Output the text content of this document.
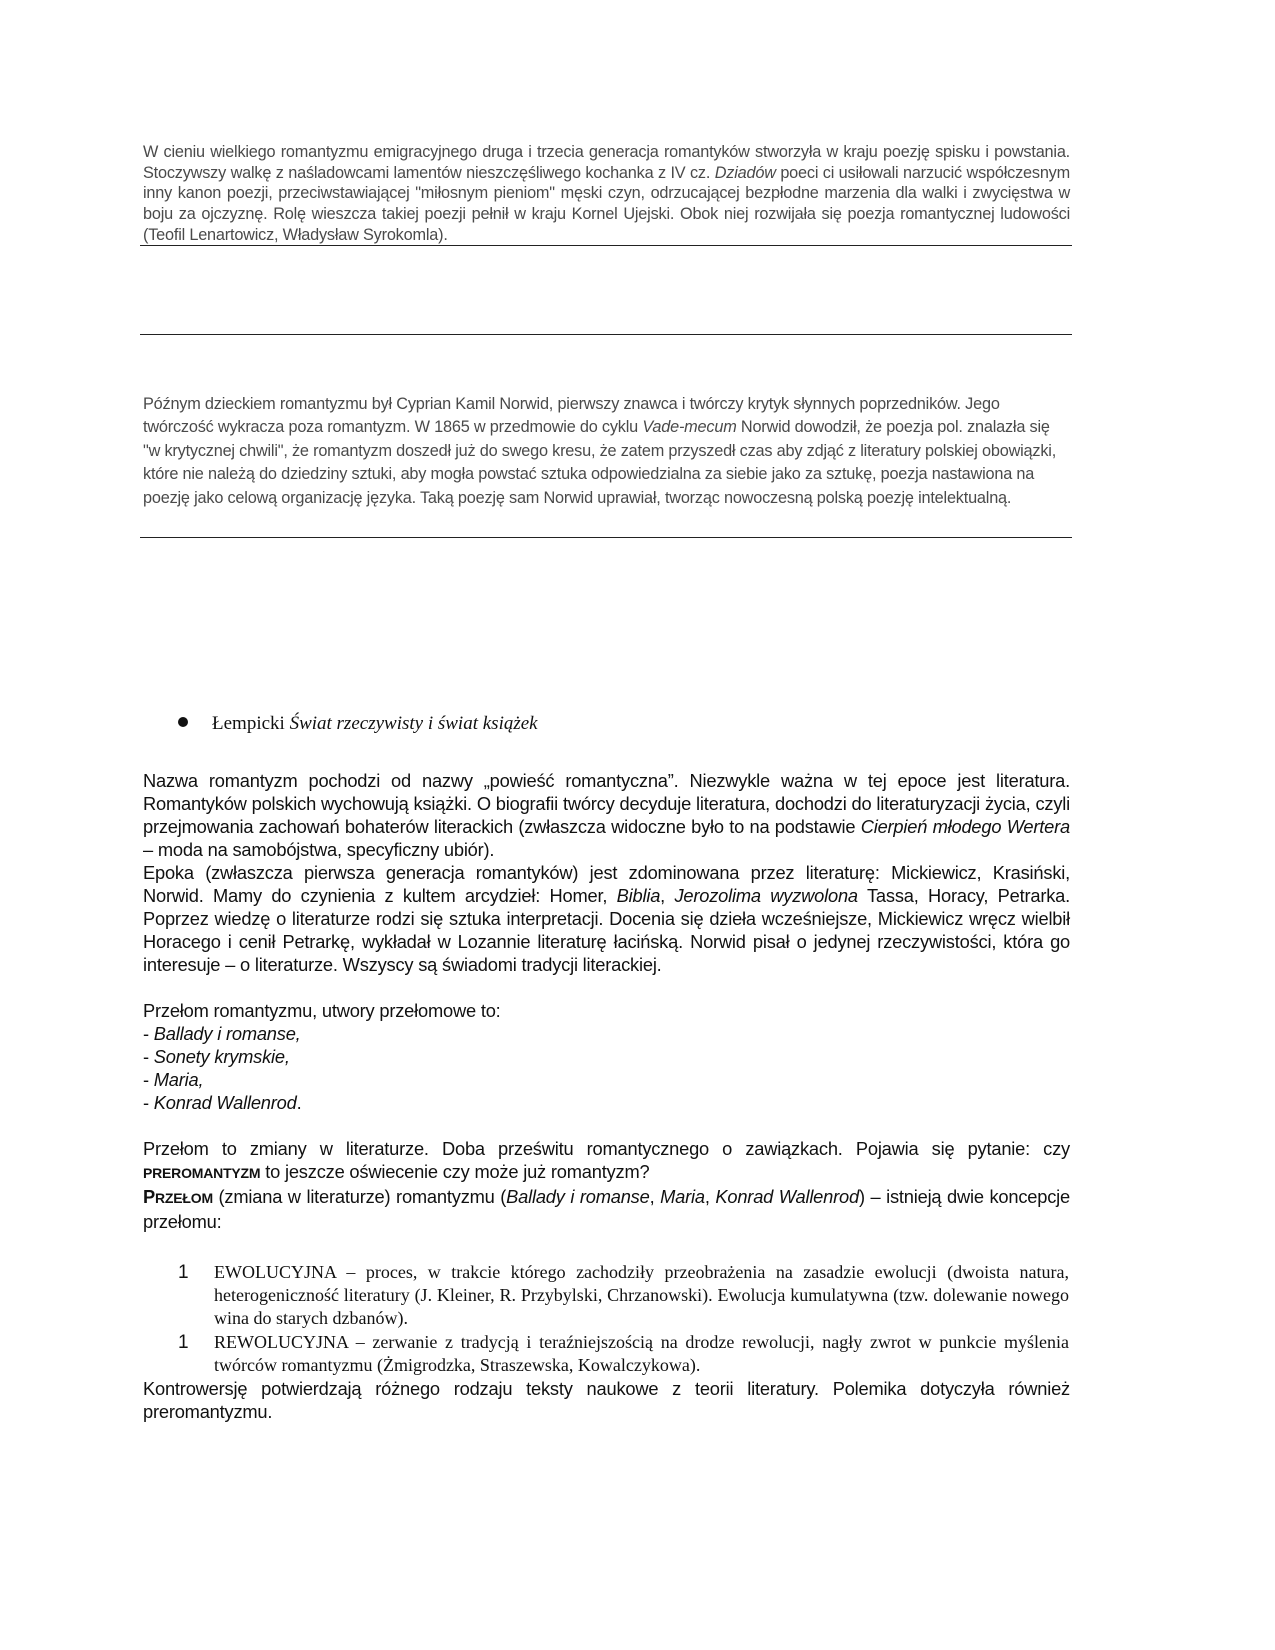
W cieniu wielkiego romantyzmu emigracyjnego druga i trzecia generacja romantyków stworzyła w kraju poezję spisku i powstania. Stoczywszy walkę z naśladowcami lamentów nieszczęśliwego kochanka z IV cz. Dziadów poeci ci usiłowali narzucić współczesnym inny kanon poezji, przeciwstawiającej "miłosnym pieniom" męski czyn, odrzucającej bezpłodne marzenia dla walki i zwycięstwa w boju za ojczyznę. Rolę wieszcza takiej poezji pełnił w kraju Kornel Ujejski. Obok niej rozwijała się poezja romantycznej ludowości (Teofil Lenartowicz, Władysław Syrokomla).

Późnym dzieckiem romantyzmu był Cyprian Kamil Norwid, pierwszy znawca i twórczy krytyk słynnych poprzedników. Jego twórczość wykracza poza romantyzm. W 1865 w przedmowie do cyklu Vade-mecum Norwid dowodził, że poezja pol. znalazła się "w krytycznej chwili", że romantyzm doszedł już do swego kresu, że zatem przyszedł czas aby zdjąć z literatury polskiej obowiązki, które nie należą do dziedziny sztuki, aby mogła powstać sztuka odpowiedzialna za siebie jako za sztukę, poezja nastawiona na poezję jako celową organizację języka. Taką poezję sam Norwid uprawiał, tworząc nowoczesną polską poezję intelektualną.

Łempicki Świat rzeczywisty i świat książek

Nazwa romantyzm pochodzi od nazwy „powieść romantyczna”. Niezwykle ważna w tej epoce jest literatura. Romantyków polskich wychowują książki. O biografii twórcy decyduje literatura, dochodzi do literaturyzacji życia, czyli przejmowania zachowań bohaterów literackich (zwłaszcza widoczne było to na podstawie Cierpień młodego Wertera – moda na samobójstwa, specyficzny ubiór).

Epoka (zwłaszcza pierwsza generacja romantyków) jest zdominowana przez literaturę: Mickiewicz, Krasiński, Norwid. Mamy do czynienia z kultem arcydzieł: Homer, Biblia, Jerozolima wyzwolona Tassa, Horacy, Petrarka. Poprzez wiedzę o literaturze rodzi się sztuka interpretacji. Docenia się dzieła wcześniejsze, Mickiewicz wręcz wielbił Horacego i cenił Petrarkę, wykładał w Lozannie literaturę łacińską. Norwid pisał o jedynej rzeczywistości, która go interesuje – o literaturze. Wszyscy są świadomi tradycji literackiej.

Przełom romantyzmu, utwory przełomowe to:

- Ballady i romanse,

- Sonety krymskie,

- Maria,

- Konrad Wallenrod.

Przełom to zmiany w literaturze. Doba prześwitu romantycznego o zawiązkach. Pojawia się pytanie: czy PREROMANTYZM to jeszcze oświecenie czy może już romantyzm?

PRZEŁOM (zmiana w literaturze) romantyzmu (Ballady i romanse, Maria, Konrad Wallenrod) – istnieją dwie koncepcje przełomu:

1 EWOLUCYJNA – proces, w trakcie którego zachodziły przeobrażenia na zasadzie ewolucji (dwoista natura, heterogeniczność literatury (J. Kleiner, R. Przybylski, Chrzanowski). Ewolucja kumulatywna (tzw. dolewanie nowego wina do starych dzbanów).

1 REWOLUCYJNA – zerwanie z tradycją i teraźniejszością na drodze rewolucji, nagły zwrot w punkcie myślenia twórców romantyzmu (Żmigrodzka, Straszewska, Kowalczykowa).

Kontrowersję potwierdzają różnego rodzaju teksty naukowe z teorii literatury. Polemika dotyczyła również preromantyzmu.
